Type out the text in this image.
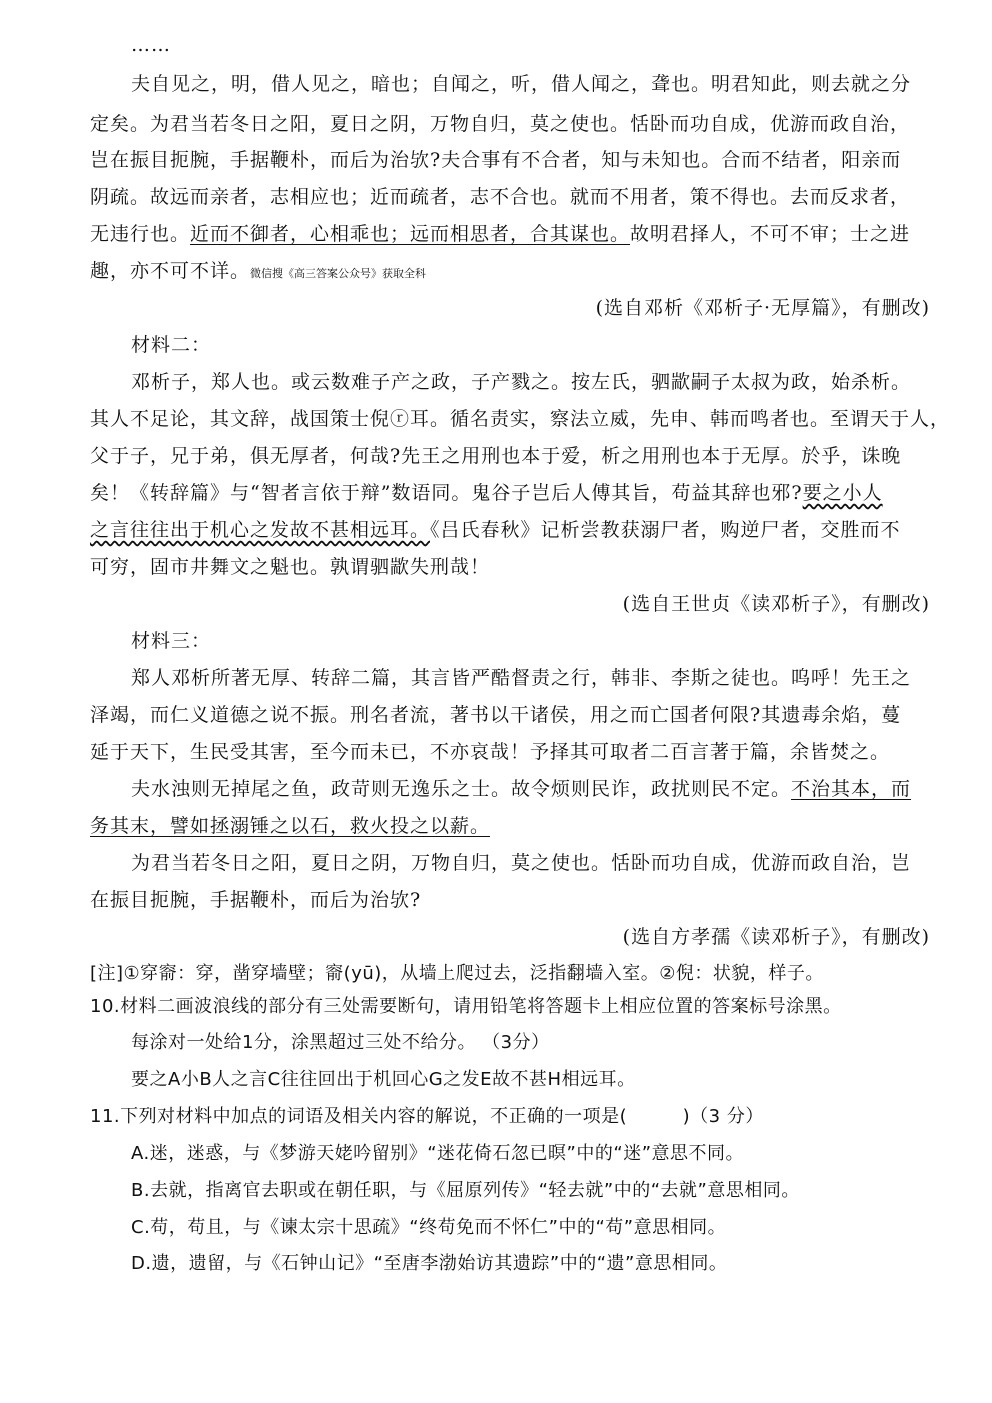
……
夫自见之，明，借人见之，暗也；自闻之，听，借人闻之，聋也。明君知此，则去就之分
定矣。为君当若冬日之阳，夏日之阴，万物自归，莫之使也。恬卧而功自成，优游而政自治，
岂在振目扼腕，手据鞭朴，而后为治欤?夫合事有不合者，知与未知也。合而不结者，阳亲而
阴疏。故远而亲者，志相应也；近而疏者，志不合也。就而不用者，策不得也。去而反求者，
无违行也。近而不御者，心相乖也；远而相思者，合其谋也。故明君择人，不可不审；士之进
趣，亦不可不详。微信搜《高三答案公众号》获取全科
(选自邓析《邓析子·无厚篇》，有删改)
材料二：
邓析子，郑人也。或云数难子产之政，子产戮之。按左氏，驷歂嗣子太叔为政，始杀析。
其人不足论，其文辞，战国策士倪ⓡ耳。循名责实，察法立威，先申、韩而鸣者也。至谓天于人，
父于子，兄于弟，俱无厚者，何哉?先王之用刑也本于爱，析之用刑也本于无厚。於乎，诛晚
矣！《转辞篇》与“智者言依于辩”数语同。鬼谷子岂后人傅其旨，苟益其辞也邪?要之小人
之言往往出于机心之发故不甚相远耳。《吕氏春秋》记析尝教获溺尸者，购逆尸者，交胜而不
可穷，固市井舞文之魁也。孰谓驷歂失刑哉！
(选自王世贞《读邓析子》，有删改)
材料三：
郑人邓析所著无厚、转辞二篇，其言皆严酷督责之行，韩非、李斯之徒也。呜呼！先王之
泽竭，而仁义道德之说不振。刑名者流，著书以干诸侯，用之而亡国者何限?其遗毒余焰，蔓
延于天下，生民受其害，至今而未已，不亦哀哉！予择其可取者二百言著于篇，余皆焚之。
夫水浊则无掉尾之鱼，政苛则无逸乐之士。故令烦则民诈，政扰则民不定。不治其本，而
务其末，譬如拯溺锤之以石，救火投之以薪。
为君当若冬日之阳，夏日之阴，万物自归，莫之使也。恬卧而功自成，优游而政自治，岂
在振目扼腕，手据鞭朴，而后为治欤?
(选自方孝孺《读邓析子》，有删改)
[注]①穿窬：穿，凿穿墙壁；窬(yū)，从墙上爬过去，泛指翻墙入室。②倪：状貌，样子。
10.材料二画波浪线的部分有三处需要断句，请用铅笔将答题卡上相应位置的答案标号涂黑。
每涂对一处给1分，涂黑超过三处不给分。 （3分）
要之A小B人之言C往往回出于机回心G之发E故不甚H相远耳。
11.下列对材料中加点的词语及相关内容的解说，不正确的一项是(　　　)（3 分）
A.迷，迷惑，与《梦游天姥吟留别》“迷花倚石忽已暝”中的“迷”意思不同。
B.去就，指离官去职或在朝任职，与《屈原列传》“轻去就”中的“去就”意思相同。
C.苟，苟且，与《谏太宗十思疏》“终苟免而不怀仁”中的“苟”意思相同。
D.遗，遗留，与《石钟山记》“至唐李渤始访其遗踪”中的“遗”意思相同。
